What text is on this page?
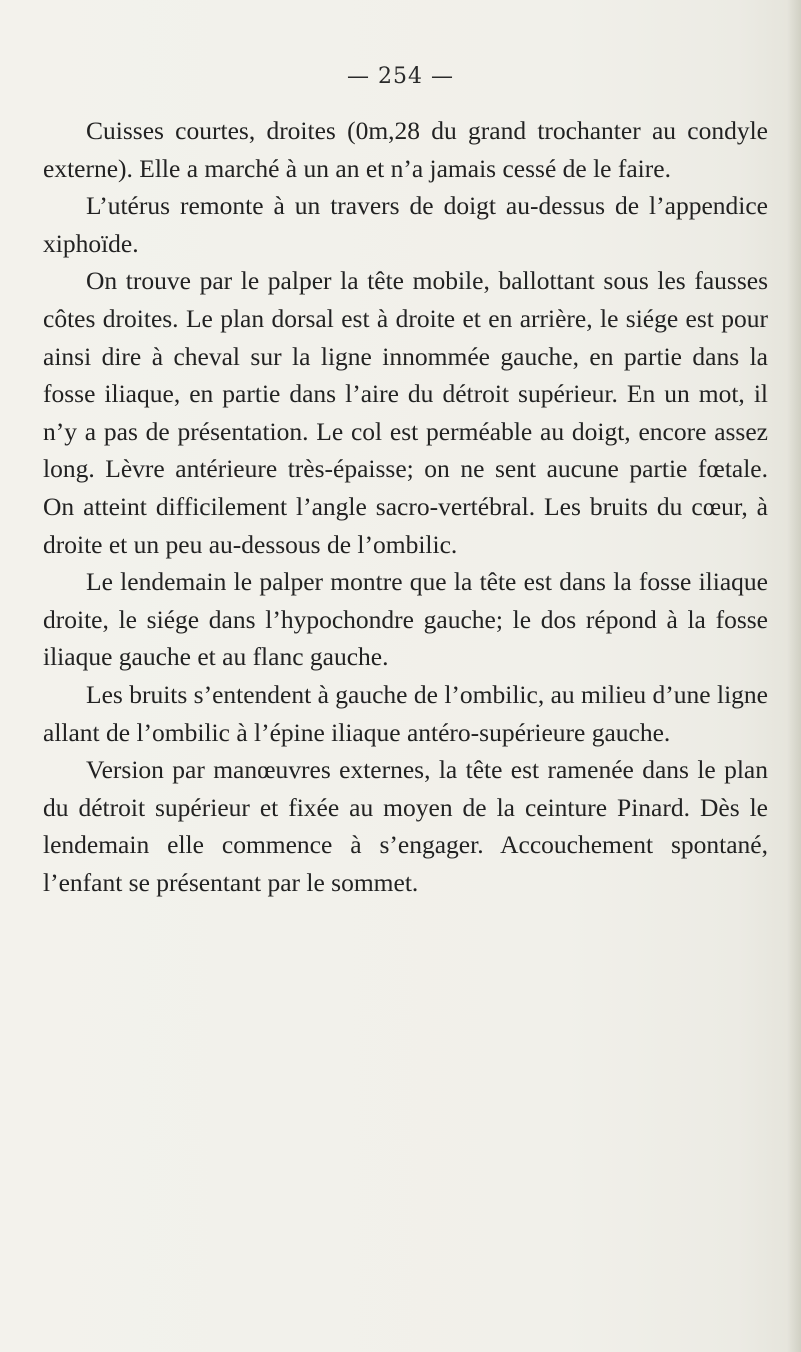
— 254 —

Cuisses courtes, droites (0m,28 du grand trochanter au condyle externe). Elle a marché à un an et n’a jamais cessé de le faire.

L’utérus remonte à un travers de doigt au-dessus de l’appendice xiphoïde.

On trouve par le palper la tête mobile, ballottant sous les fausses côtes droites. Le plan dorsal est à droite et en arrière, le siége est pour ainsi dire à cheval sur la ligne innommée gauche, en partie dans la fosse iliaque, en partie dans l’aire du détroit supérieur. En un mot, il n’y a pas de présentation. Le col est perméable au doigt, encore assez long. Lèvre antérieure très-épaisse; on ne sent aucune partie fœtale. On atteint difficilement l’angle sacro-vertébral. Les bruits du cœur, à droite et un peu au-dessous de l’ombilic.

Le lendemain le palper montre que la tête est dans la fosse iliaque droite, le siége dans l’hypochondre gauche; le dos répond à la fosse iliaque gauche et au flanc gauche.

Les bruits s’entendent à gauche de l’ombilic, au milieu d’une ligne allant de l’ombilic à l’épine iliaque antéro-supérieure gauche.

Version par manœuvres externes, la tête est ramenée dans le plan du détroit supérieur et fixée au moyen de la ceinture Pinard. Dès le lendemain elle commence à s’engager. Accouchement spontané, l’enfant se présentant par le sommet.
